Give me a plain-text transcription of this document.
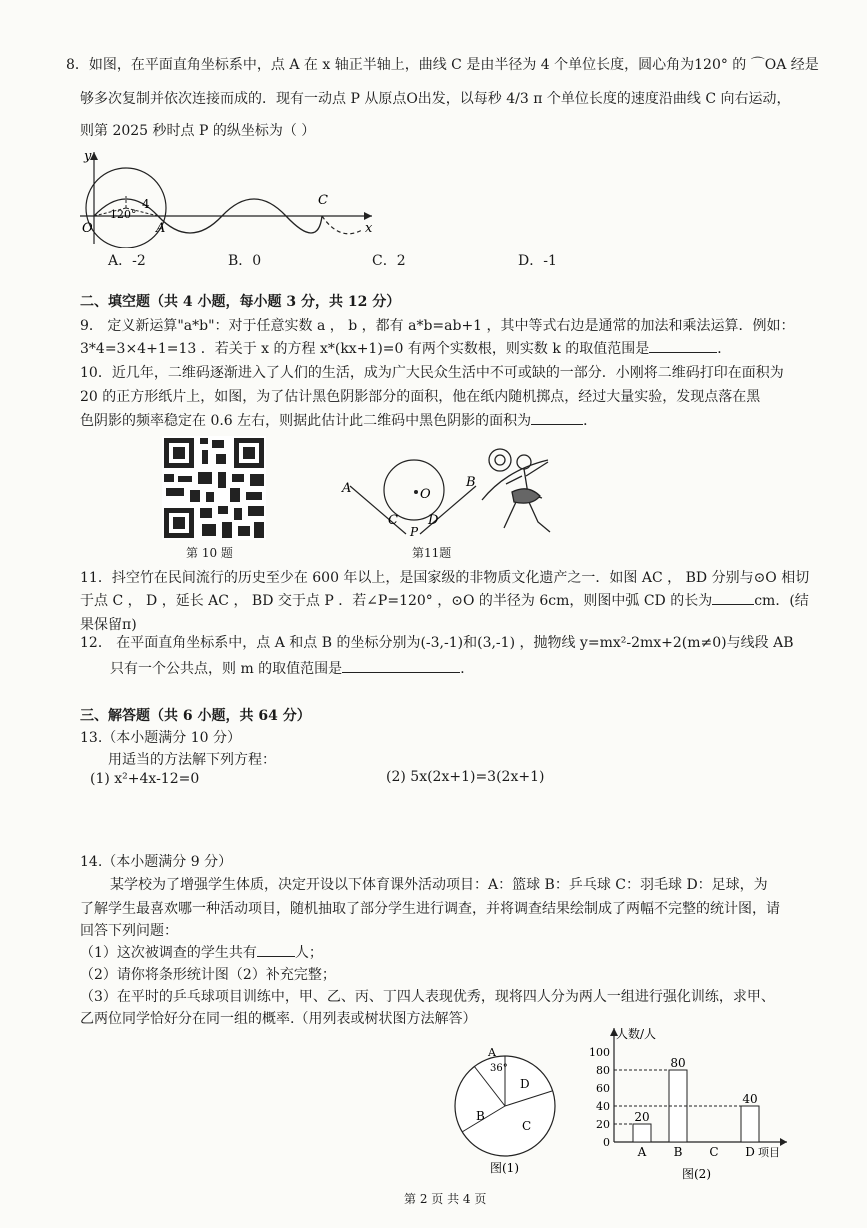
8．如图，在平面直角坐标系中，点 A 在 x 轴正半轴上，曲线 C 是由半径为 4 个单位长度，圆心角为120° 的 ⌒OA 经是
够多次复制并依次连接而成的．现有一动点 P 从原点O出发，以每秒 4/3 π 个单位长度的速度沿曲线 C 向右运动，
则第 2025 秒时点 P 的纵坐标为（ ）
y
x
O	A
C
120°
4
A．-2	B．0	C．2	D．-1
二、填空题（共 4 小题，每小题 3 分，共 12 分）
9． 定义新运算"a*b"：对于任意实数 a ， b ，都有 a*b=ab+1 ，其中等式右边是通常的加法和乘法运算．例如：
3*4=3×4+1=13 ．若关于 x 的方程 x*(kx+1)=0 有两个实数根，则实数 k 的取值范围是	．
10．近几年，二维码逐渐进入了人们的生活，成为广大民众生活中不可或缺的一部分．小刚将二维码打印在面积为
20 的正方形纸片上，如图，为了估计黑色阴影部分的面积，他在纸内随机掷点，经过大量实验，发现点落在黑
色阴影的频率稳定在 0.6 左右，则据此估计此二维码中黑色阴影的面积为	．
第 10 题
A	B
C D
P
O
第11题
11．抖空竹在民间流行的历史至少在 600 年以上，是国家级的非物质文化遗产之一．如图 AC ， BD 分别与⊙O 相切
于点 C ， D ，延长 AC ， BD 交于点 P ．若∠P=120° ，⊙O 的半径为 6cm，则图中弧 CD 的长为	cm．(结
果保留π)
12． 在平面直角坐标系中，点 A 和点 B 的坐标分别为(-3,-1)和(3,-1) ，抛物线 y=mx²-2mx+2(m≠0)与线段 AB
只有一个公共点，则 m 的取值范围是	．
三、解答题（共 6 小题，共 64 分）
13.（本小题满分 10 分）
用适当的方法解下列方程：
(1) x²+4x-12=0	(2) 5x(2x+1)=3(2x+1)
14.（本小题满分 9 分）
某学校为了增强学生体质，决定开设以下体育课外活动项目：A：篮球 B：乒乓球 C：羽毛球 D：足球，为
了解学生最喜欢哪一种活动项目，随机抽取了部分学生进行调查，并将调查结果绘制成了两幅不完整的统计图，请
回答下列问题：
（1）这次被调查的学生共有	人；
（2）请你将条形统计图（2）补充完整；
（3）在平时的乒乓球项目训练中，甲、乙、丙、丁四人表现优秀，现将四人分为两人一组进行强化训练，求甲、
乙两位同学恰好分在同一组的概率.（用列表或树状图方法解答）
A
36°
B
C
D
图(1)
人数/人
项目
0
20
40
60
80
100
20
A
80
B C
40
D
图(2)
第 2 页 共 4 页
